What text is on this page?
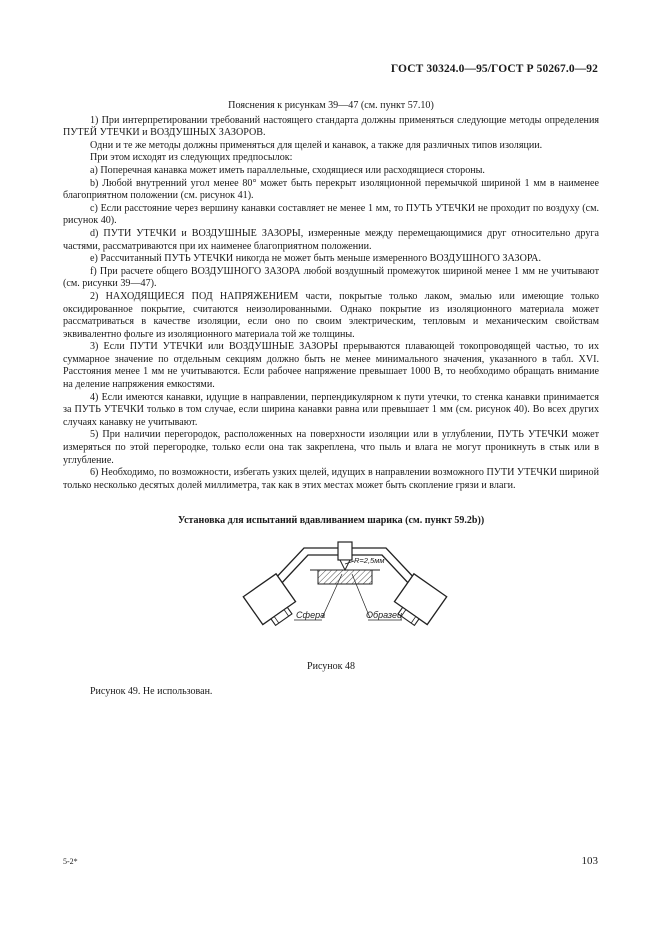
ГОСТ 30324.0—95/ГОСТ Р 50267.0—92

Пояснения к рисункам 39—47 (см. пункт 57.10)

1) При интерпретировании требований настоящего стандарта должны применяться следующие методы определения ПУТЕЙ УТЕЧКИ и ВОЗДУШНЫХ ЗАЗОРОВ.

Одни и те же методы должны применяться для щелей и канавок, а также для различных типов изоляции.

При этом исходят из следующих предпосылок:

а) Поперечная канавка может иметь параллельные, сходящиеся или расходящиеся стороны.

b) Любой внутренний угол менее 80° может быть перекрыт изоляционной перемычкой шириной 1 мм в наименее благоприятном положении (см. рисунок 41).

с) Если расстояние через вершину канавки составляет не менее 1 мм, то ПУТЬ УТЕЧКИ не проходит по воздуху (см. рисунок 40).

d) ПУТИ УТЕЧКИ и ВОЗДУШНЫЕ ЗАЗОРЫ, измеренные между перемещающимися друг относительно друга частями, рассматриваются при их наименее благоприятном положении.

е) Рассчитанный ПУТЬ УТЕЧКИ никогда не может быть меньше измеренного ВОЗДУШНОГО ЗАЗОРА.

f) При расчете общего ВОЗДУШНОГО ЗАЗОРА любой воздушный промежуток шириной менее 1 мм не учитывают (см. рисунки 39—47).

2) НАХОДЯЩИЕСЯ ПОД НАПРЯЖЕНИЕМ части, покрытые только лаком, эмалью или имеющие только оксидированное покрытие, считаются неизолированными. Однако покрытие из изоляционного материала может рассматриваться в качестве изоляции, если оно по своим электрическим, тепловым и механическим свойствам эквивалентно фольге из изоляционного материала той же толщины.

3) Если ПУТИ УТЕЧКИ или ВОЗДУШНЫЕ ЗАЗОРЫ прерываются плавающей токопроводящей частью, то их суммарное значение по отдельным секциям должно быть не менее минимального значения, указанного в табл. XVI. Расстояния менее 1 мм не учитываются. Если рабочее напряжение превышает 1000 В, то необходимо обращать внимание на деление напряжения емкостями.

4) Если имеются канавки, идущие в направлении, перпендикулярном к пути утечки, то стенка канавки принимается за ПУТЬ УТЕЧКИ только в том случае, если ширина канавки равна или превышает 1 мм (см. рисунок 40). Во всех других случаях канавку не учитывают.

5) При наличии перегородок, расположенных на поверхности изоляции или в углублении, ПУТЬ УТЕЧКИ может измеряться по этой перегородке, только если она так закреплена, что пыль и влага не могут проникнуть в стык или в углубление.

6) Необходимо, по возможности, избегать узких щелей, идущих в направлении возможного ПУТИ УТЕЧКИ шириной только несколько десятых долей миллиметра, так как в этих местах может быть скопление грязи и влаги.

Установка для испытаний вдавливанием шарика (см. пункт 59.2b))
R=2,5мм
Сфера	Образец
Рисунок 48
Рисунок 49. Не использован.
5-2*	103
